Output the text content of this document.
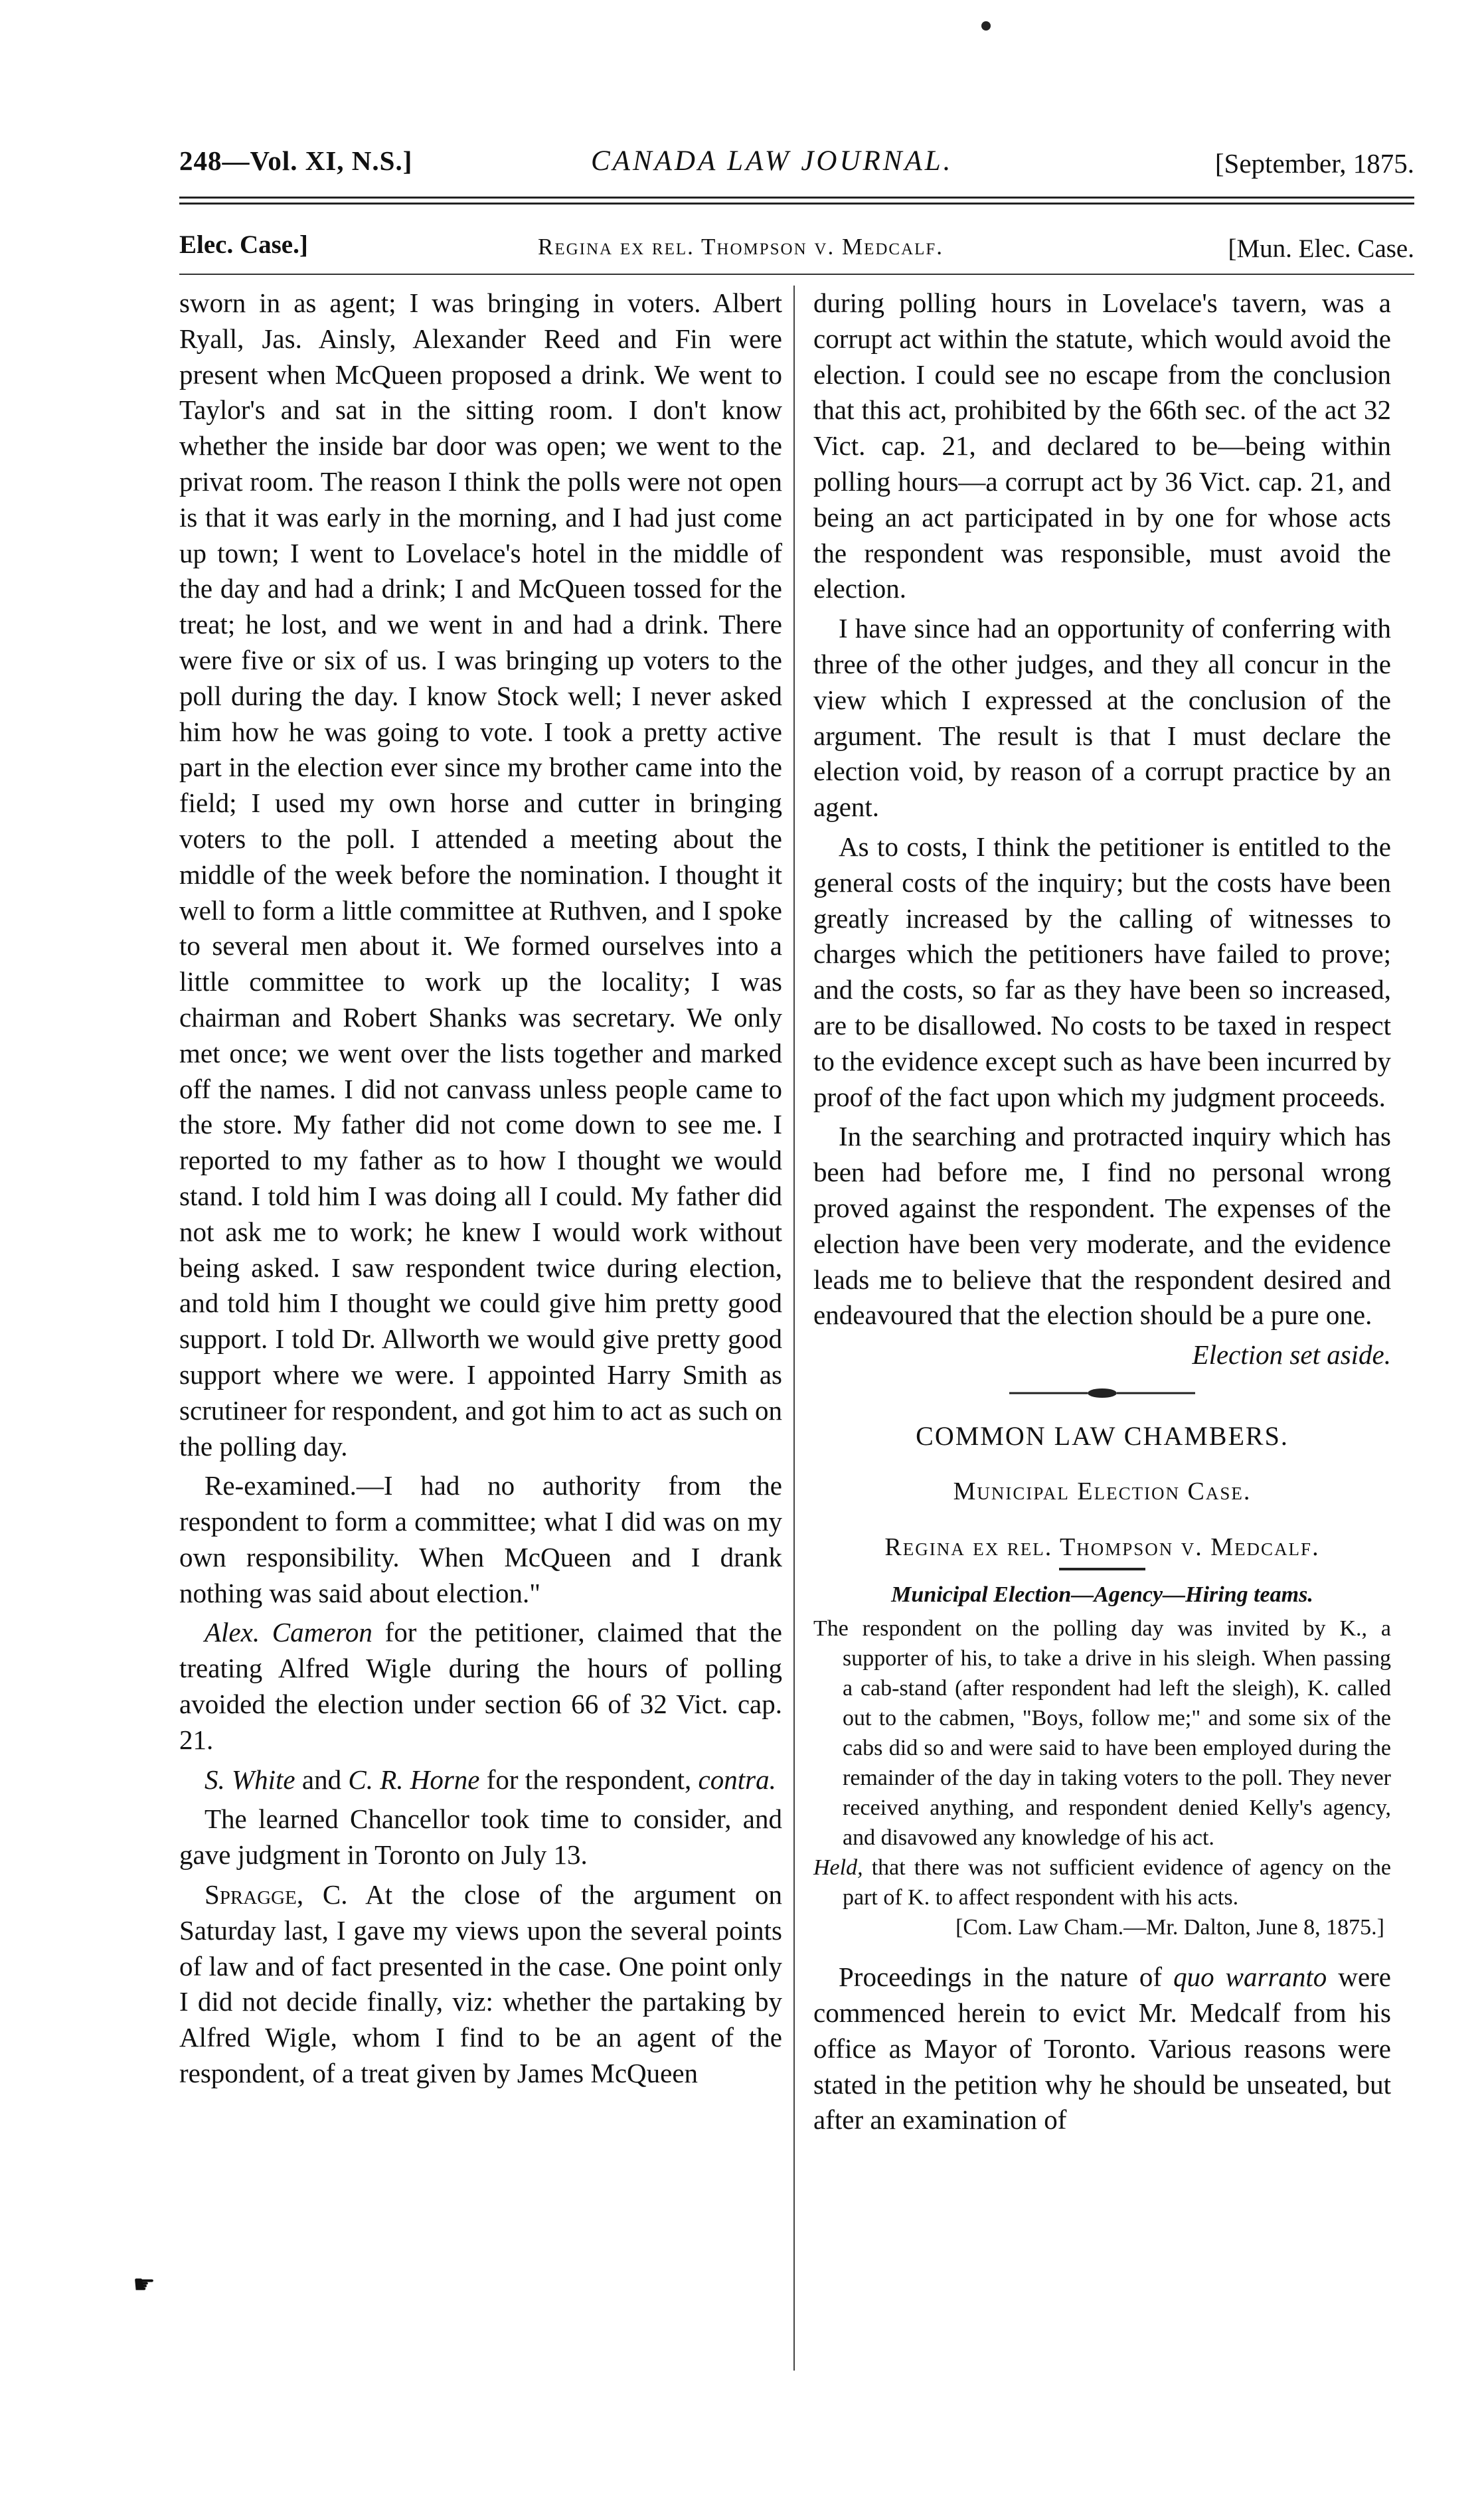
248—Vol. XI, N.S.]	CANADA LAW JOURNAL.	[September, 1875.
Elec. Case.]	Regina ex rel. Thompson v. Medcalf.	[Mun. Elec. Case.

sworn in as agent; I was bringing in voters. Albert Ryall, Jas. Ainsly, Alexander Reed and Fin were present when McQueen proposed a drink. We went to Taylor's and sat in the sitting room. I don't know whether the inside bar door was open; we went to the privat room. The reason I think the polls were not open is that it was early in the morning, and I had just come up town; I went to Lovelace's hotel in the middle of the day and had a drink; I and McQueen tossed for the treat; he lost, and we went in and had a drink. There were five or six of us. I was bringing up voters to the poll during the day. I know Stock well; I never asked him how he was going to vote. I took a pretty active part in the election ever since my brother came into the field; I used my own horse and cutter in bringing voters to the poll. I attended a meeting about the middle of the week before the nomination. I thought it well to form a little committee at Ruthven, and I spoke to several men about it. We formed ourselves into a little committee to work up the locality; I was chairman and Robert Shanks was secretary. We only met once; we went over the lists together and marked off the names. I did not canvass unless people came to the store. My father did not come down to see me. I reported to my father as to how I thought we would stand. I told him I was doing all I could. My father did not ask me to work; he knew I would work without being asked. I saw respondent twice during election, and told him I thought we could give him pretty good support. I told Dr. Allworth we would give pretty good support where we were. I appointed Harry Smith as scrutineer for respondent, and got him to act as such on the polling day.

Re-examined.—I had no authority from the respondent to form a committee; what I did was on my own responsibility. When McQueen and I drank nothing was said about election."

Alex. Cameron for the petitioner, claimed that the treating Alfred Wigle during the hours of polling avoided the election under section 66 of 32 Vict. cap. 21.

S. White and C. R. Horne for the respondent, contra.

The learned Chancellor took time to consider, and gave judgment in Toronto on July 13.

Spragge, C. At the close of the argument on Saturday last, I gave my views upon the several points of law and of fact presented in the case. One point only I did not decide finally, viz: whether the partaking by Alfred Wigle, whom I find to be an agent of the respondent, of a treat given by James McQueen

☛

during polling hours in Lovelace's tavern, was a corrupt act within the statute, which would avoid the election. I could see no escape from the conclusion that this act, prohibited by the 66th sec. of the act 32 Vict. cap. 21, and declared to be—being within polling hours—a corrupt act by 36 Vict. cap. 21, and being an act participated in by one for whose acts the respondent was responsible, must avoid the election.

I have since had an opportunity of conferring with three of the other judges, and they all concur in the view which I expressed at the conclusion of the argument. The result is that I must declare the election void, by reason of a corrupt practice by an agent.

As to costs, I think the petitioner is entitled to the general costs of the inquiry; but the costs have been greatly increased by the calling of witnesses to charges which the petitioners have failed to prove; and the costs, so far as they have been so increased, are to be disallowed. No costs to be taxed in respect to the evidence except such as have been incurred by proof of the fact upon which my judgment proceeds.

In the searching and protracted inquiry which has been had before me, I find no personal wrong proved against the respondent. The expenses of the election have been very moderate, and the evidence leads me to believe that the respondent desired and endeavoured that the election should be a pure one.

Election set aside.

COMMON LAW CHAMBERS.

Municipal Election Case.

Regina ex rel. Thompson v. Medcalf.

Municipal Election—Agency—Hiring teams.
The respondent on the polling day was invited by K., a supporter of his, to take a drive in his sleigh. When passing a cab-stand (after respondent had left the sleigh), K. called out to the cabmen, "Boys, follow me;" and some six of the cabs did so and were said to have been employed during the remainder of the day in taking voters to the poll. They never received anything, and respondent denied Kelly's agency, and disavowed any knowledge of his act.
Held, that there was not sufficient evidence of agency on the part of K. to affect respondent with his acts.
[Com. Law Cham.—Mr. Dalton, June 8, 1875.]

Proceedings in the nature of quo warranto were commenced herein to evict Mr. Medcalf from his office as Mayor of Toronto. Various reasons were stated in the petition why he should be unseated, but after an examination of
